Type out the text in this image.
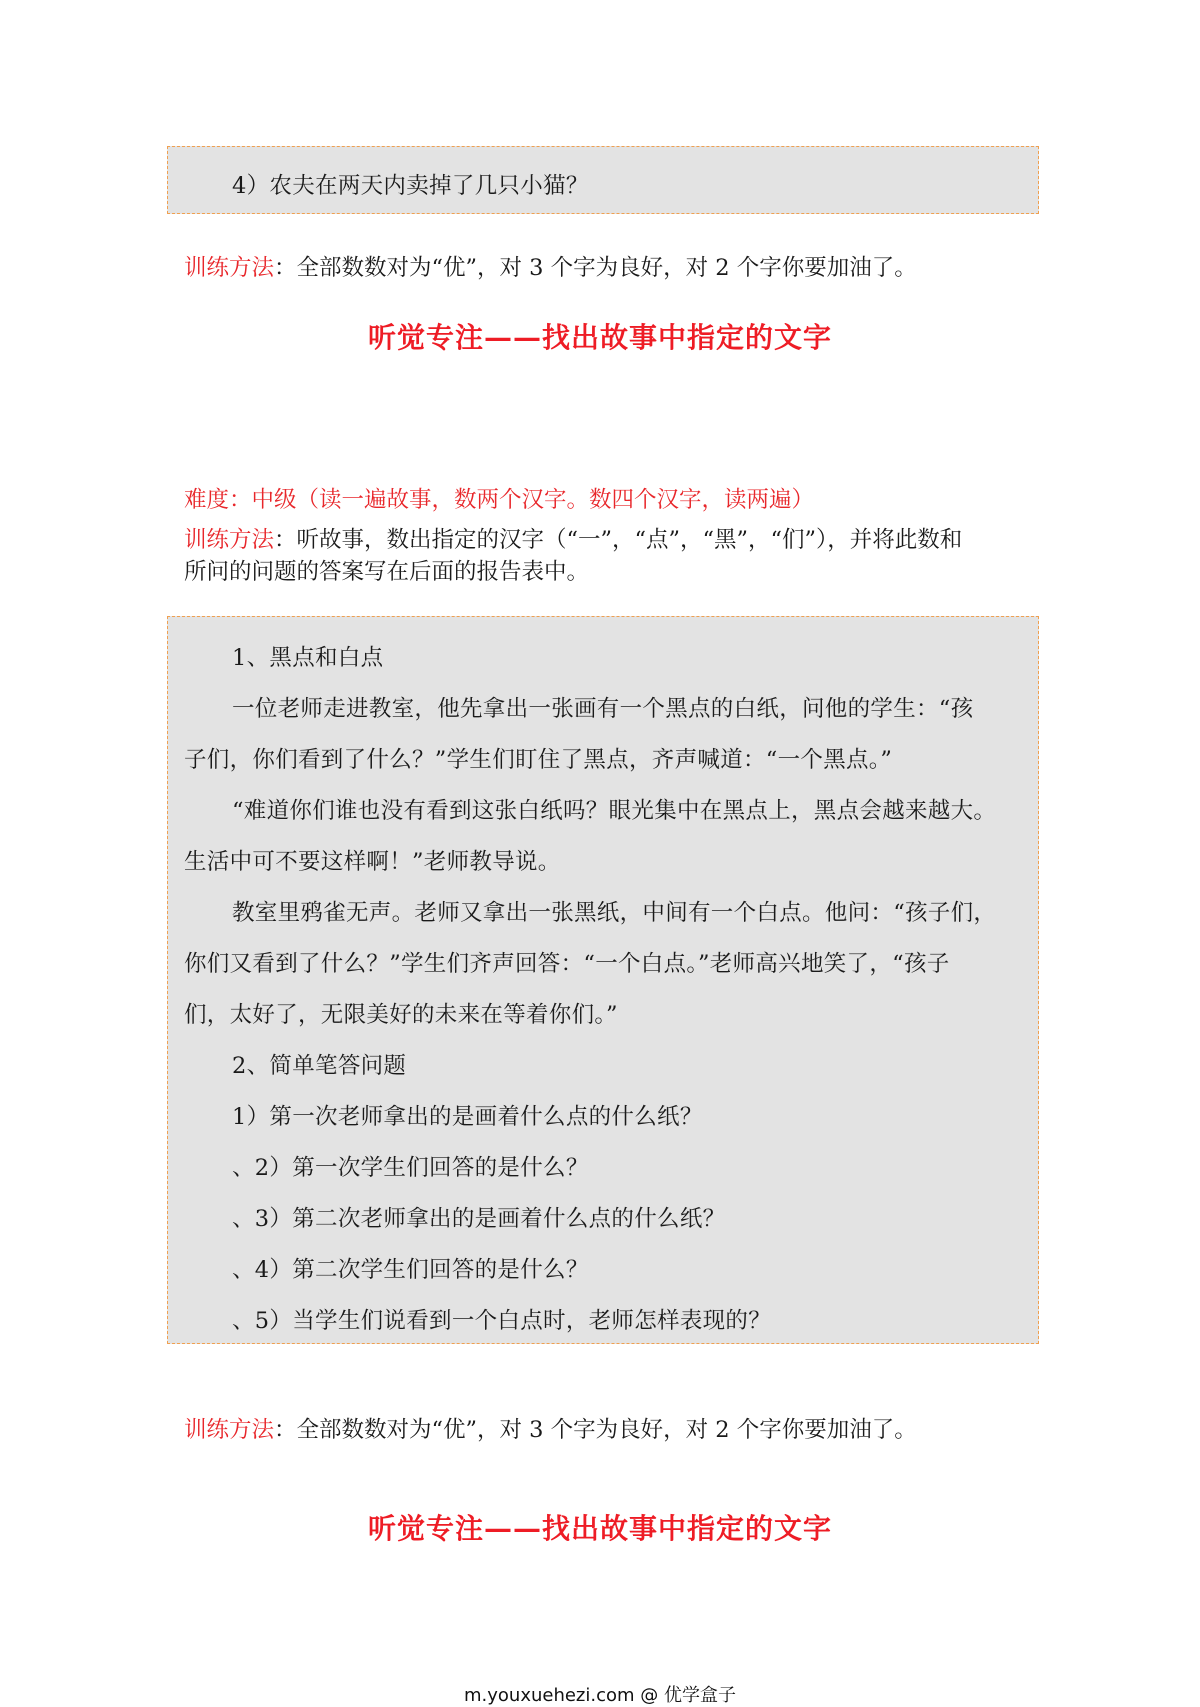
4）农夫在两天内卖掉了几只小猫？
训练方法：全部数数对为“优”，对 3 个字为良好，对 2 个字你要加油了。
听觉专注——找出故事中指定的文字
难度：中级（读一遍故事，数两个汉字。数四个汉字，读两遍）
训练方法：听故事，数出指定的汉字（“一”，“点”，“黑”，“们”），并将此数和
所问的问题的答案写在后面的报告表中。
1、黑点和白点
一位老师走进教室，他先拿出一张画有一个黑点的白纸，问他的学生：“孩
子们，你们看到了什么？”学生们盯住了黑点，齐声喊道：“一个黑点。”
“难道你们谁也没有看到这张白纸吗？眼光集中在黑点上，黑点会越来越大。
生活中可不要这样啊！”老师教导说。
教室里鸦雀无声。老师又拿出一张黑纸，中间有一个白点。他问：“孩子们，
你们又看到了什么？”学生们齐声回答：“一个白点。”老师高兴地笑了，“孩子
们，太好了，无限美好的未来在等着你们。”
2、简单笔答问题
1）第一次老师拿出的是画着什么点的什么纸？
、2）第一次学生们回答的是什么？
、3）第二次老师拿出的是画着什么点的什么纸？
、4）第二次学生们回答的是什么？
、5）当学生们说看到一个白点时，老师怎样表现的？
训练方法：全部数数对为“优”，对 3 个字为良好，对 2 个字你要加油了。
听觉专注——找出故事中指定的文字
m.youxuehezi.com @ 优学盒子
